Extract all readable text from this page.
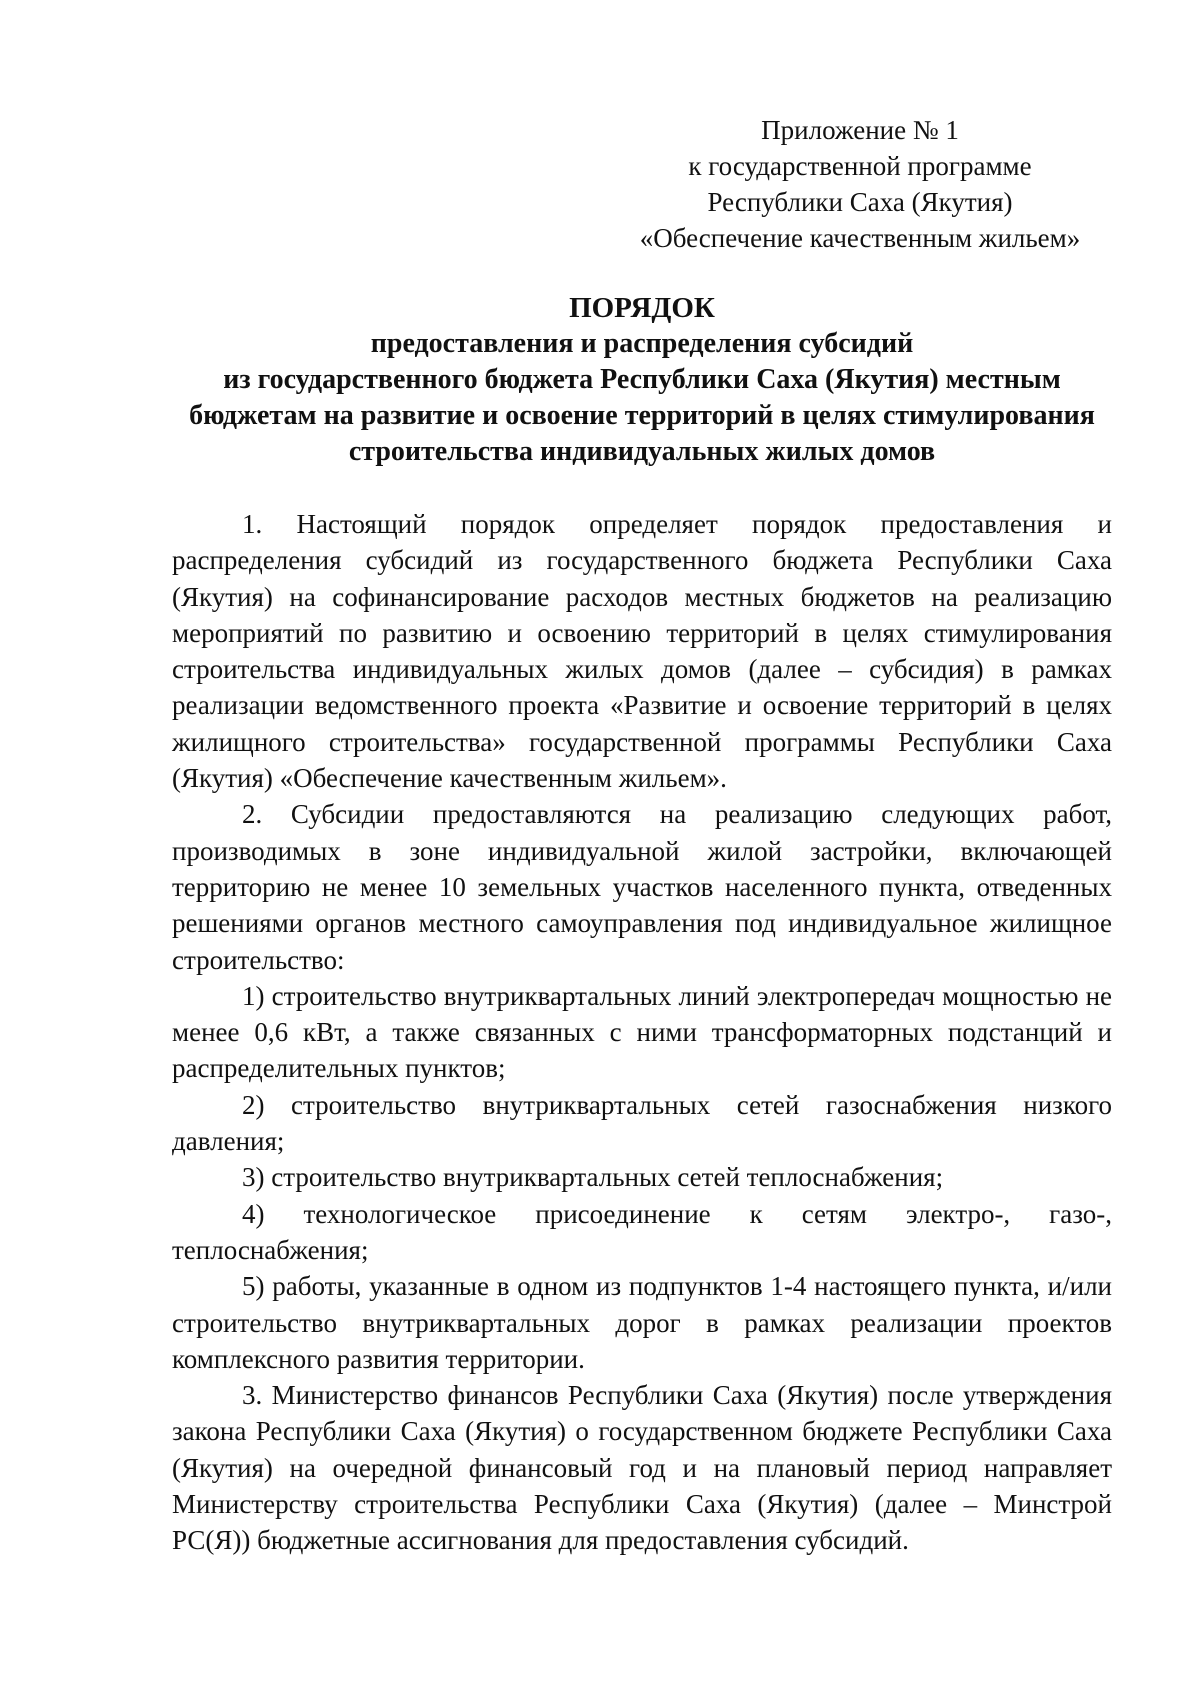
Приложение № 1
к государственной программе
Республики Саха (Якутия)
«Обеспечение качественным жильем»
ПОРЯДОК
предоставления и распределения субсидий
из государственного бюджета Республики Саха (Якутия) местным
бюджетам на развитие и освоение территорий в целях стимулирования
строительства индивидуальных жилых домов

1. Настоящий порядок определяет порядок предоставления и распределения субсидий из государственного бюджета Республики Саха (Якутия) на софинансирование расходов местных бюджетов на реализацию мероприятий по развитию и освоению территорий в целях стимулирования строительства индивидуальных жилых домов (далее – субсидия) в рамках реализации ведомственного проекта «Развитие и освоение территорий в целях жилищного строительства» государственной программы Республики Саха (Якутия) «Обеспечение качественным жильем».

2. Субсидии предоставляются на реализацию следующих работ, производимых в зоне индивидуальной жилой застройки, включающей территорию не менее 10 земельных участков населенного пункта, отведенных решениями органов местного самоуправления под индивидуальное жилищное строительство:

1) строительство внутриквартальных линий электропередач мощностью не менее 0,6 кВт, а также связанных с ними трансформаторных подстанций и распределительных пунктов;

2) строительство внутриквартальных сетей газоснабжения низкого давления;

3) строительство внутриквартальных сетей теплоснабжения;

4) технологическое присоединение к сетям электро-, газо-, теплоснабжения;

5) работы, указанные в одном из подпунктов 1-4 настоящего пункта, и/или строительство внутриквартальных дорог в рамках реализации проектов комплексного развития территории.

3. Министерство финансов Республики Саха (Якутия) после утверждения закона Республики Саха (Якутия) о государственном бюджете Республики Саха (Якутия) на очередной финансовый год и на плановый период направляет Министерству строительства Республики Саха (Якутия) (далее – Минстрой РС(Я)) бюджетные ассигнования для предоставления субсидий.
